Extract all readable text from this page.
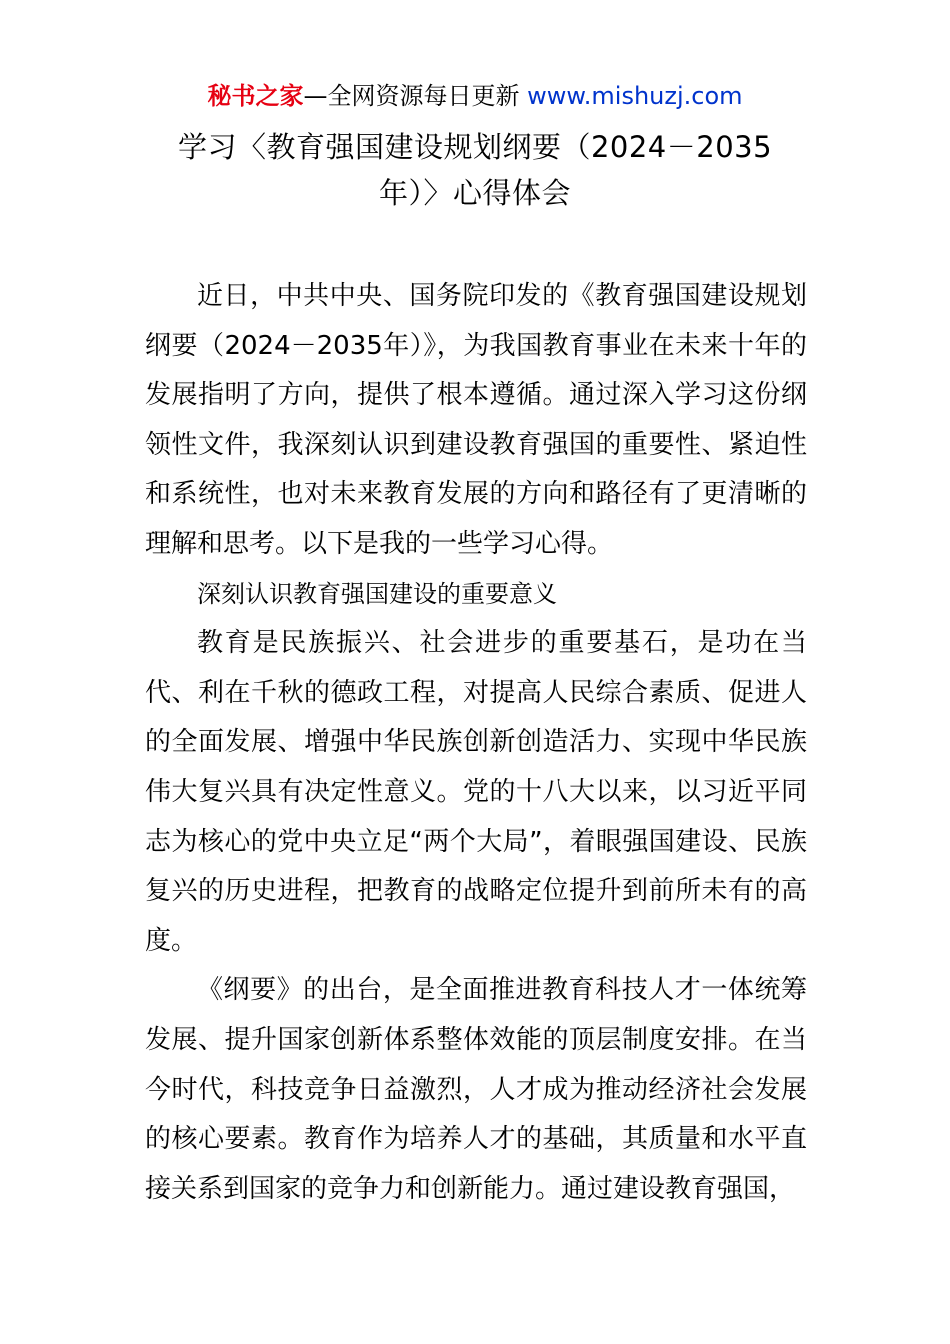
秘书之家—全网资源每日更新 www.mishuzj.com
学习〈教育强国建设规划纲要（2024－2035年）〉心得体会

近日，中共中央、国务院印发的《教育强国建设规划纲要（2024－2035年）》，为我国教育事业在未来十年的发展指明了方向，提供了根本遵循。通过深入学习这份纲领性文件，我深刻认识到建设教育强国的重要性、紧迫性和系统性，也对未来教育发展的方向和路径有了更清晰的理解和思考。以下是我的一些学习心得。

深刻认识教育强国建设的重要意义

教育是民族振兴、社会进步的重要基石，是功在当代、利在千秋的德政工程，对提高人民综合素质、促进人的全面发展、增强中华民族创新创造活力、实现中华民族伟大复兴具有决定性意义。党的十八大以来，以习近平同志为核心的党中央立足“两个大局”，着眼强国建设、民族复兴的历史进程，把教育的战略定位提升到前所未有的高度。

《纲要》的出台，是全面推进教育科技人才一体统筹发展、提升国家创新体系整体效能的顶层制度安排。在当今时代，科技竞争日益激烈，人才成为推动经济社会发展的核心要素。教育作为培养人才的基础，其质量和水平直接关系到国家的竞争力和创新能力。通过建设教育强国，
